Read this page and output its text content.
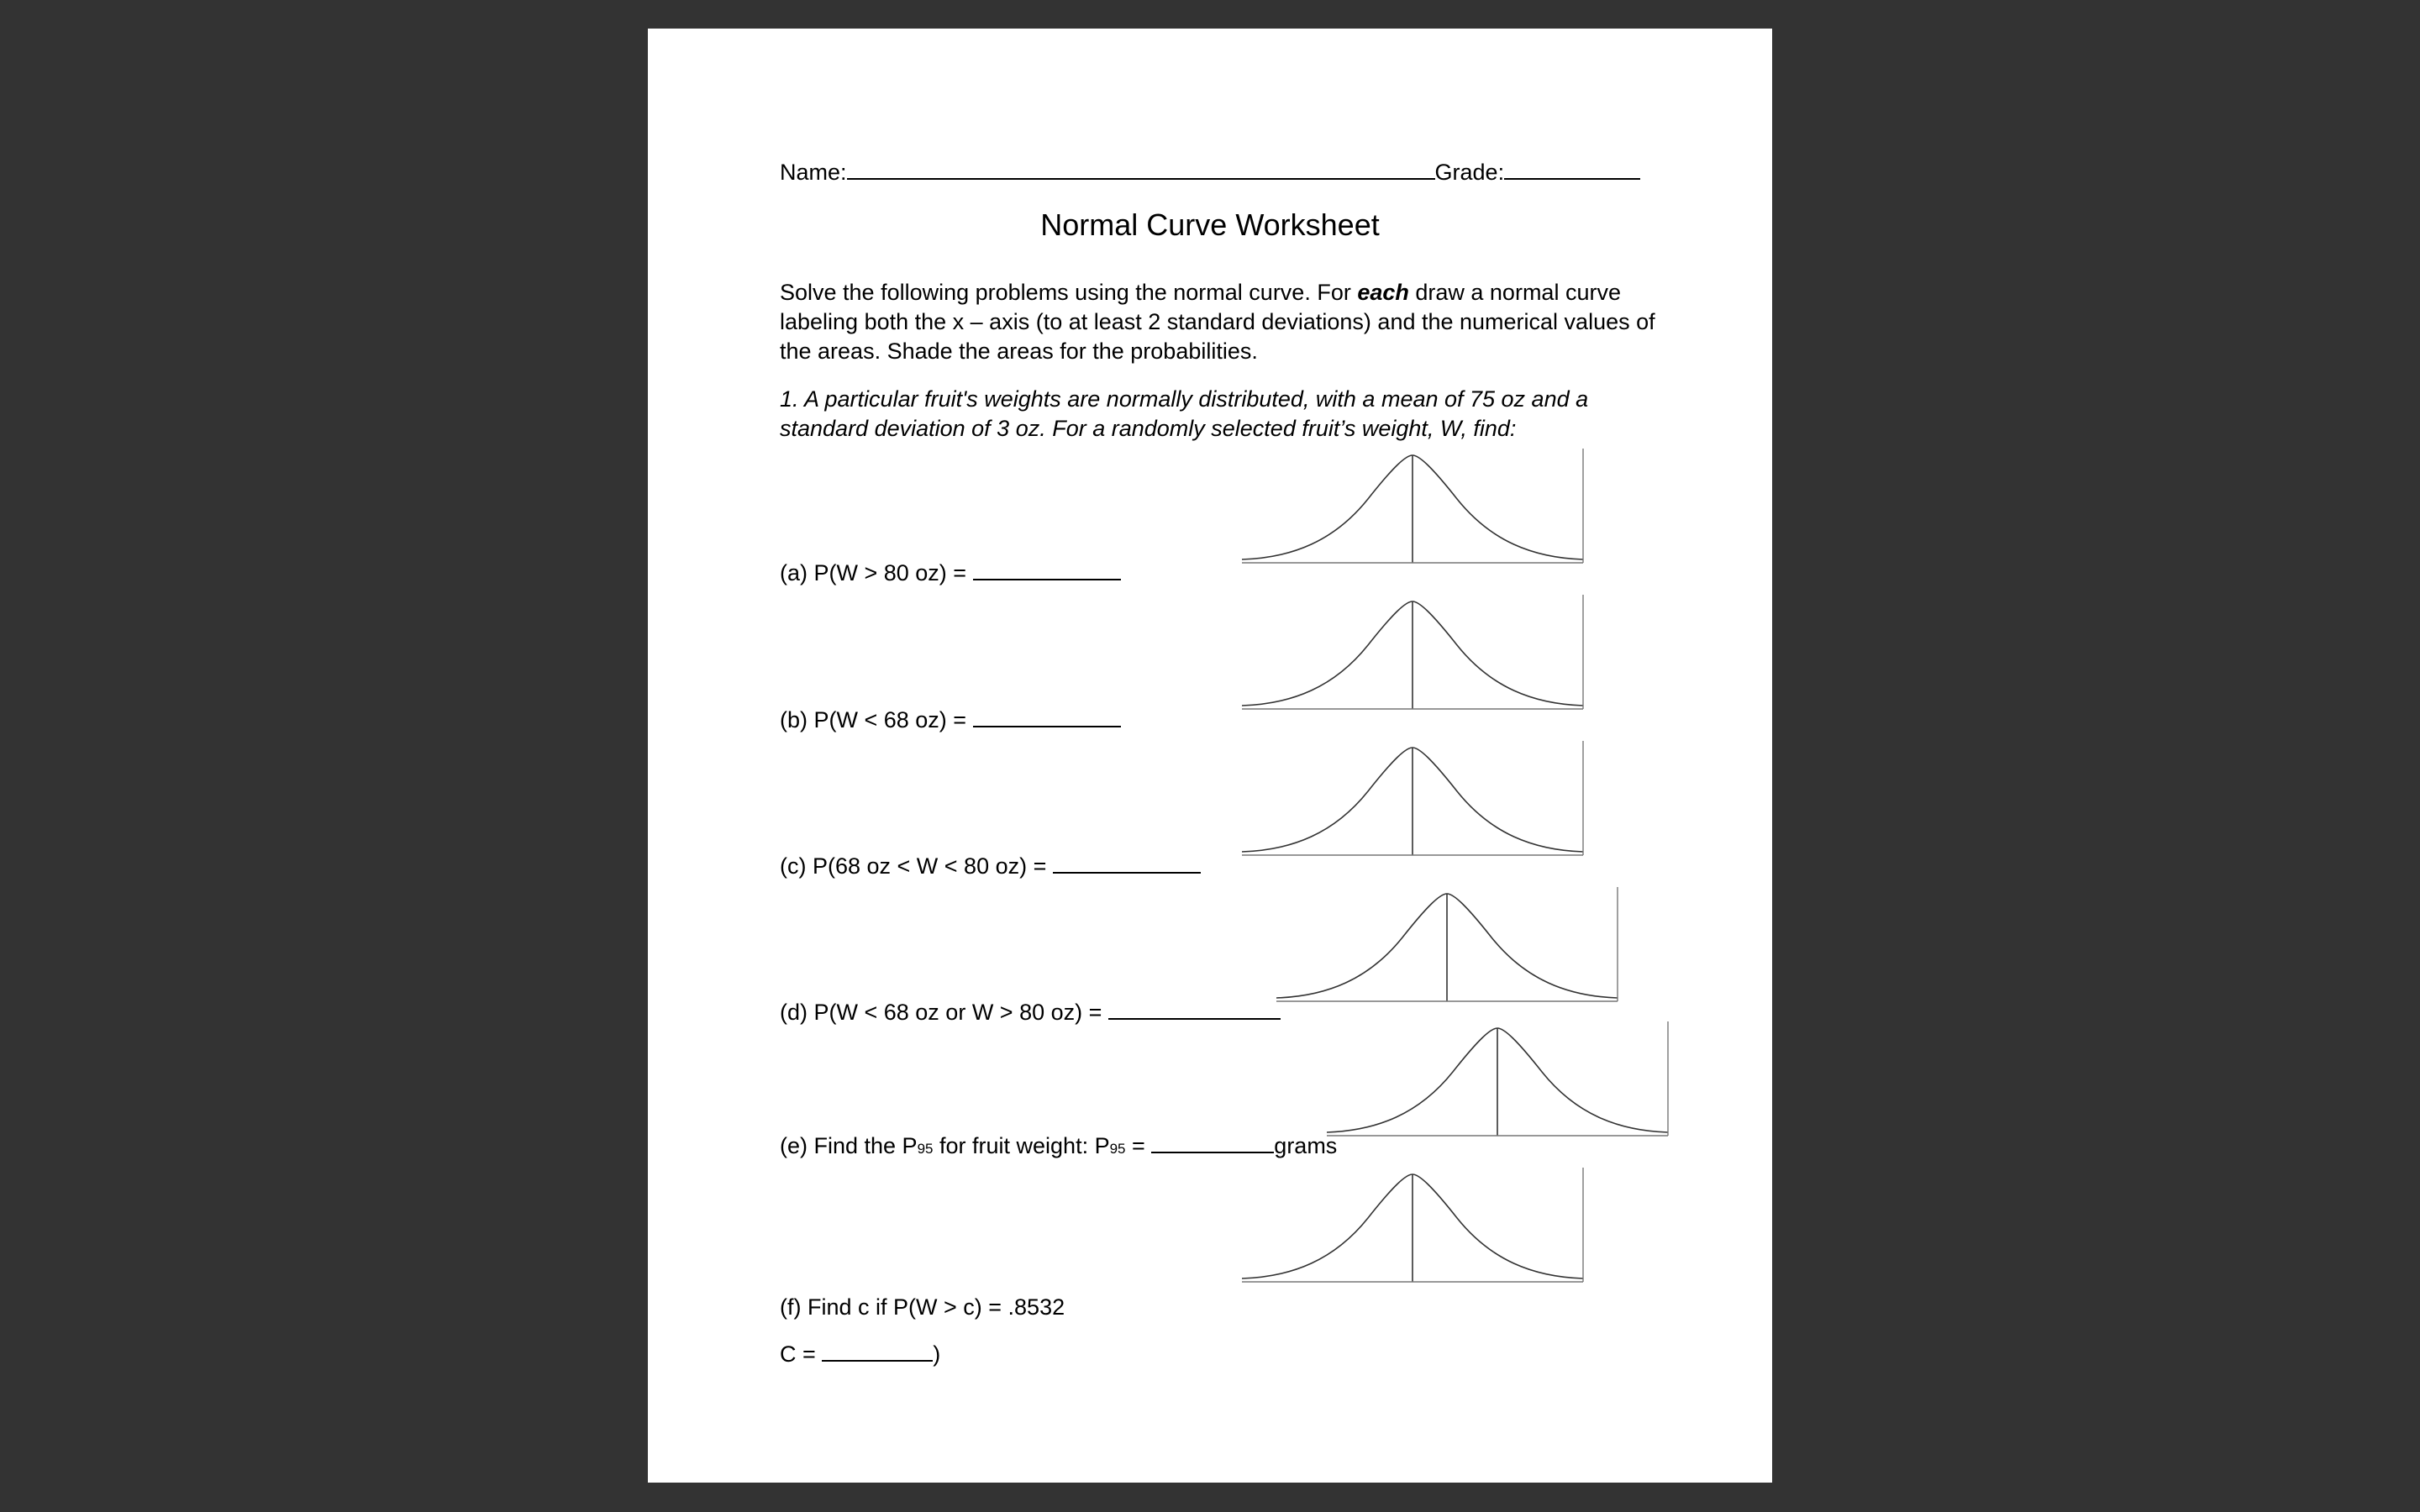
Name:	Grade:
Normal Curve Worksheet
Solve the following problems using the normal curve. For each draw a normal curve
labeling both the x – axis (to at least 2 standard deviations) and the numerical values of
the areas. Shade the areas for the probabilities.
1. A particular fruit's weights are normally distributed, with a mean of 75 oz and a
standard deviation of 3 oz. For a randomly selected fruit’s weight, W, find:
(a) P(W > 80 oz) =
(b) P(W < 68 oz) =
(c) P(68 oz < W < 80 oz) =
(d) P(W < 68 oz or W > 80 oz) =
(e) Find the P95 for fruit weight: P95 =	grams
(f) Find c if P(W > c) = .8532
C =	)
